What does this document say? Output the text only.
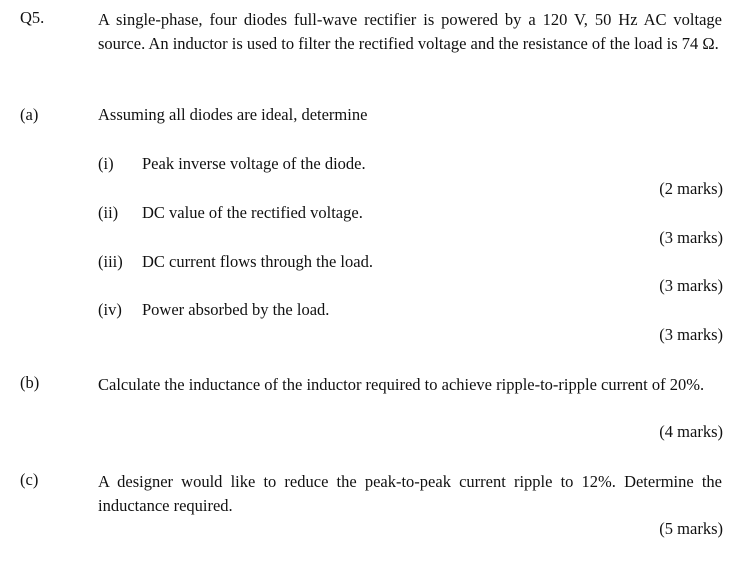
Q5.	A single-phase, four diodes full-wave rectifier is powered by a 120 V, 50 Hz AC voltage source. An inductor is used to filter the rectified voltage and the resistance of the load is 74 Ω.
(a)	Assuming all diodes are ideal, determine
(i) Peak inverse voltage of the diode.
(2 marks)
(ii) DC value of the rectified voltage.
(3 marks)
(iii) DC current flows through the load.
(3 marks)
(iv) Power absorbed by the load.
(3 marks)
(b)	Calculate the inductance of the inductor required to achieve ripple-to-ripple current of 20%.
(4 marks)
(c)	A designer would like to reduce the peak-to-peak current ripple to 12%. Determine the inductance required.
(5 marks)
